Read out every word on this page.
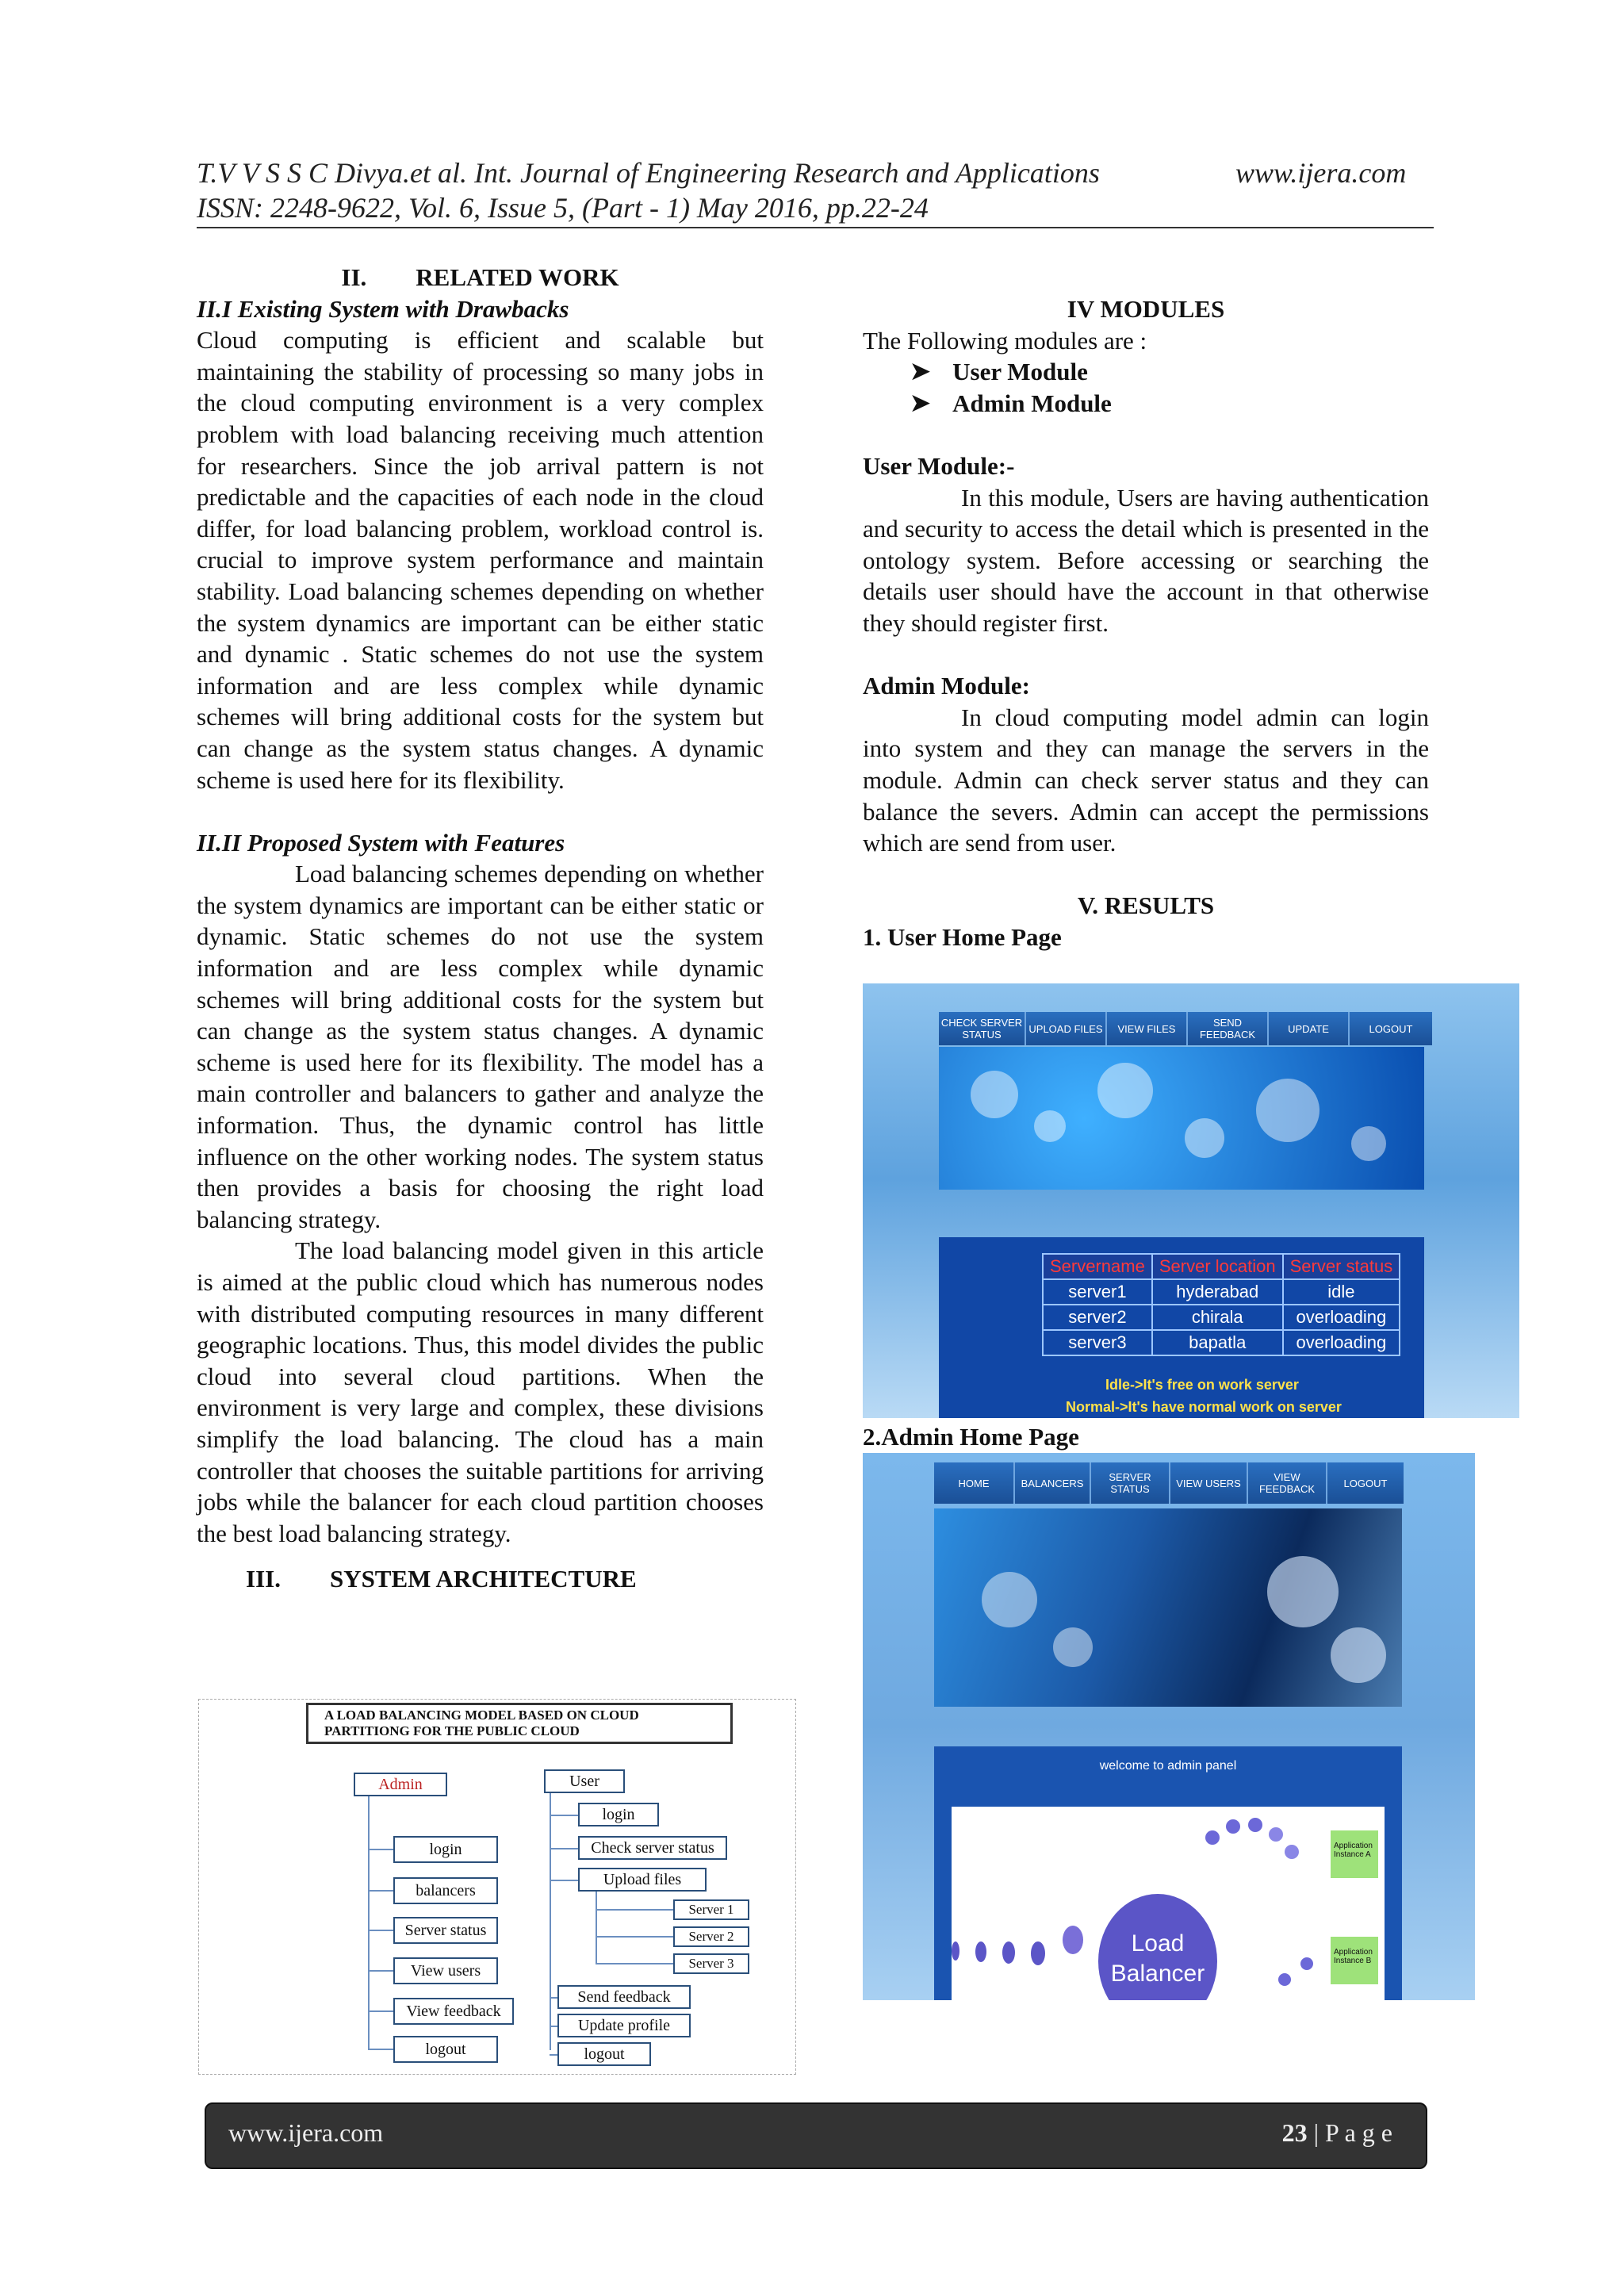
T.V V S S C Divya.et al. Int. Journal of Engineering Research and Applications	www.ijera.com
ISSN: 2248-9622, Vol. 6, Issue 5, (Part - 1) May 2016, pp.22-24

II.  RELATED WORK

II.I Existing System with Drawbacks

Cloud computing is efficient and scalable but maintaining the stability of processing so many jobs in the cloud computing environment is a very complex problem with load balancing receiving much attention for researchers. Since the job arrival pattern is not predictable and the capacities of each node in the cloud differ, for load balancing problem, workload control is. crucial to improve system performance and maintain stability. Load balancing schemes depending on whether the system dynamics are important can be either static and dynamic . Static schemes do not use the system information and are less complex while dynamic schemes will bring additional costs for the system but can change as the system status changes. A dynamic scheme is used here for its flexibility.

II.II Proposed System with Features

Load balancing schemes depending on whether the system dynamics are important can be either static or dynamic. Static schemes do not use the system information and are less complex while dynamic schemes will bring additional costs for the system but can change as the system status changes. A dynamic scheme is used here for its flexibility. The model has a main controller and balancers to gather and analyze the information. Thus, the dynamic control has little influence on the other working nodes. The system status then provides a basis for choosing the right load balancing strategy.

The load balancing model given in this article is aimed at the public cloud which has numerous nodes with distributed computing resources in many different geographic locations. Thus, this model divides the public cloud into several cloud partitions. When the environment is very large and complex, these divisions simplify the load balancing. The cloud has a main controller that chooses the suitable partitions for arriving jobs while the balancer for each cloud partition chooses the best load balancing strategy.

III.  SYSTEM ARCHITECTURE

A LOAD BALANCING MODEL BASED ON CLOUD PARTITIONG FOR THE PUBLIC CLOUD
Admin	User
login
balancers
Server status
View users
View feedback
logout
login
Check server status
Upload files
Server 1
Server 2
Server 3
Send feedback
Update profile
logout

IV MODULES

The Following modules are :

➤ User Module
➤ Admin Module

User Module:-

In this module, Users are having authentication and security to access the detail which is presented in the ontology system. Before accessing or searching the details user should have the account in that otherwise they should register first.

Admin Module:

In cloud computing model admin can login into system and they can manage the servers in the module. Admin can check server status and they can balance the severs. Admin can accept the permissions which are send from user.

V. RESULTS

1. User Home Page

CHECK SERVER STATUS	UPLOAD FILES	VIEW FILES	SEND FEEDBACK	UPDATE	LOGOUT
Servername	Server location	Server status
server1	hyderabad	idle
server2	chirala	overloading
server3	bapatla	overloading
Idle->It's free on work server
Normal->It's have normal work on server
2.Admin Home Page
HOME	BALANCERS	SERVER STATUS	VIEW USERS	VIEW FEEDBACK	LOGOUT
welcome to admin panel
Load Balancer
Application Instance A
Application Instance B
www.ijera.com	23 | P a g e
